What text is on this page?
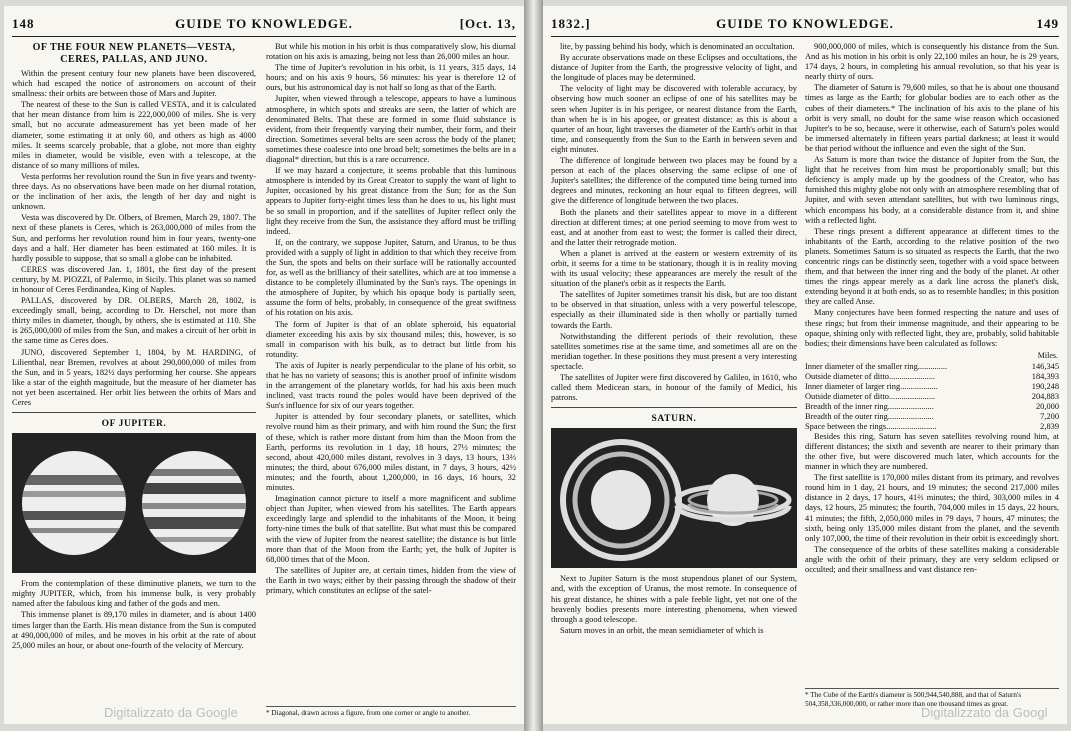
148	GUIDE TO KNOWLEDGE.	[Oct. 13,
OF THE FOUR NEW PLANETS—VESTA, CERES, PALLAS, AND JUNO.

Within the present century four new planets have been discovered, which had escaped the notice of astronomers on account of their smallness: their orbits are between those of Mars and Jupiter.

The nearest of these to the Sun is called VESTA, and it is calculated that her mean distance from him is 222,000,000 of miles. She is very small, but no accurate admeasurement has yet been made of her diameter, some estimating it at only 60, and others as high as 4000 miles. It seems scarcely probable, that a globe, not more than eighty miles in diameter, would be visible, even with a telescope, at the distance of so many millions of miles.

Vesta performs her revolution round the Sun in five years and twenty-three days. As no observations have been made on her diurnal rotation, or the inclination of her axis, the length of her day and night is unknown.

Vesta was discovered by Dr. Olbers, of Bremen, March 29, 1807. The next of these planets is Ceres, which is 263,000,000 of miles from the Sun, and performs her revolution round him in four years, twenty-one days and a half. Her diameter has been estimated at 160 miles. It is hardly possible to suppose, that so small a globe can be inhabited.

CERES was discovered Jan. 1, 1801, the first day of the present century, by M. PIOZZI, of Palermo, in Sicily. This planet was so named in honour of Ceres Ferdinandea, King of Naples.

PALLAS, discovered by DR. OLBERS, March 28, 1802, is exceedingly small, being, according to Dr. Herschel, not more than thirty miles in diameter, though, by others, she is estimated at 110. She is 265,000,000 of miles from the Sun, and makes a circuit of her orbit in the same time as Ceres does.

JUNO, discovered September 1, 1804, by M. HARDING, of Lilienthal, near Bremen, revolves at about 290,000,000 of miles from the Sun, and in 5 years, 182½ days performing her course. She appears like a star of the eighth magnitude, but the measure of her diameter has not yet been ascertained. Her orbit lies between the orbits of Mars and Ceres

OF JUPITER.

From the contemplation of these diminutive planets, we turn to the mighty JUPITER, which, from his immense bulk, is very probably named after the fabulous king and father of the gods and men.

This immense planet is 89,170 miles in diameter, and is about 1400 times larger than the Earth. His mean distance from the Sun is computed at 490,000,000 of miles, and he moves in his orbit at the rate of about 25,000 miles an hour, or about one-fourth of the velocity of Mercury.

But while his motion in his orbit is thus comparatively slow, his diurnal rotation on his axis is amazing, being not less than 26,000 miles an hour.

The time of Jupiter's revolution in his orbit, is 11 years, 315 days, 14 hours; and on his axis 9 hours, 56 minutes: his year is therefore 12 of ours, but his astronomical day is not half so long as that of the Earth.

Jupiter, when viewed through a telescope, appears to have a luminous atmosphere, in which spots and streaks are seen, the latter of which are denominated Belts. That these are formed in some fluid substance is evident, from their frequently varying their number, their form, and their direction. Sometimes several belts are seen across the body of the planet; sometimes these coalesce into one broad belt; sometimes the belts are in a diagonal* direction, but this is a rare occurrence.

If we may hazard a conjecture, it seems probable that this luminous atmosphere is intended by its Great Creator to supply the want of light to Jupiter, occasioned by his great distance from the Sun; for as the Sun appears to Jupiter forty-eight times less than he does to us, his light must be so small in proportion, and if the satellites of Jupiter reflect only the light they receive from the Sun, the assistance they afford must be trifling indeed.

If, on the contrary, we suppose Jupiter, Saturn, and Uranus, to be thus provided with a supply of light in addition to that which they receive from the Sun, the spots and belts on their surface will be rationally accounted for, as well as the brilliancy of their satellites, which are at too immense a distance to be completely illuminated by the Sun's rays. The openings in the atmosphere of Jupiter, by which his opaque body is partially seen, assume the form of belts, probably, in consequence of the great swiftness of his rotation on his axis.

The form of Jupiter is that of an oblate spheroid, his equatorial diameter exceeding his axis by six thousand miles; this, however, is so small in comparison with his bulk, as to detract but little from his rotundity.

The axis of Jupiter is nearly perpendicular to the plane of his orbit, so that he has no variety of seasons; this is another proof of infinite wisdom in the arrangement of the planetary worlds, for had his axis been much inclined, vast tracts round the poles would have been deprived of the Sun's influence for six of our years together.

Jupiter is attended by four secondary planets, or satellites, which revolve round him as their primary, and with him round the Sun; the first of these, which is rather more distant from him than the Moon from the Earth, performs its revolution in 1 day, 18 hours, 27½ minutes; the second, about 420,000 miles distant, revolves in 3 days, 13 hours, 13⅔ minutes; the third, about 676,000 miles distant, in 7 days, 3 hours, 42½ minutes; and the fourth, about 1,200,000, in 16 days, 16 hours, 32 minutes.

Imagination cannot picture to itself a more magnificent and sublime object than Jupiter, when viewed from his satellites. The Earth appears exceedingly large and splendid to the inhabitants of the Moon, it being forty-nine times the bulk of that satellite. But what must this be compared with the view of Jupiter from the nearest satellite; the distance is but little more than that of the Moon from the Earth; yet, the bulk of Jupiter is 68,000 times that of the Moon.

The satellites of Jupiter are, at certain times, hidden from the view of the Earth in two ways; either by their passing through the shadow of their primary, which constitutes an eclipse of the satel-

* Diagonal, drawn across a figure, from one corner or angle to another.
Digitalizzato da Google
1832.]	GUIDE TO KNOWLEDGE.	149

lite, by passing behind his body, which is denominated an occultation.

By accurate observations made on these Eclipses and occultations, the distance of Jupiter from the Earth, the progressive velocity of light, and the longitude of places may be determined.

The velocity of light may be discovered with tolerable accuracy, by observing how much sooner an eclipse of one of his satellites may be seen when Jupiter is in his perigee, or nearest distance from the Earth, than when he is in his apogee, or greatest distance: as this is about a quarter of an hour, light traverses the diameter of the Earth's orbit in that time, and consequently from the Sun to the Earth in between seven and eight minutes.

The difference of longitude between two places may be found by a person at each of the places observing the same eclipse of one of Jupiter's satellites; the difference of the computed time being turned into degrees and minutes, reckoning an hour equal to fifteen degrees, will give the difference of longitude between the two places.

Both the planets and their satellites appear to move in a different direction at different times; at one period seeming to move from west to east, and at another from east to west; the former is called their direct, and the latter their retrograde motion.

When a planet is arrived at the eastern or western extremity of its orbit, it seems for a time to be stationary, though it is in reality moving with its usual velocity; these appearances are merely the result of the situation of the planet's orbit as it respects the Earth.

The satellites of Jupiter sometimes transit his disk, but are too distant to be observed in that situation, unless with a very powerful telescope, especially as their illuminated side is then wholly or partially turned towards the Earth.

Notwithstanding the different periods of their revolution, these satellites sometimes rise at the same time, and sometimes all are on the meridian together. In these positions they must present a very interesting spectacle.

The satellites of Jupiter were first discovered by Galileo, in 1610, who called them Medicean stars, in honour of the family of Medici, his patrons.

SATURN.

Next to Jupiter Saturn is the most stupendous planet of our System, and, with the exception of Uranus, the most remote. In consequence of his great distance, he shines with a pale feeble light, yet not one of the heavenly bodies presents more interesting phenomena, when viewed through a good telescope.

Saturn moves in an orbit, the mean semidiameter of which is

900,000,000 of miles, which is consequently his distance from the Sun. And as his motion in his orbit is only 22,100 miles an hour, he is 29 years, 174 days, 2 hours, in completing his annual revolution, so that his year is nearly thirty of ours.

The diameter of Saturn is 79,600 miles, so that he is about one thousand times as large as the Earth; for globular bodies are to each other as the cubes of their diameters.* The inclination of his axis to the plane of his orbit is very small, no doubt for the same wise reason which occasioned Jupiter's to be so, because, were it otherwise, each of Saturn's poles would be immersed alternately in fifteen years partial darkness; at least it would be that period without the influence and even the sight of the Sun.

As Saturn is more than twice the distance of Jupiter from the Sun, the light that he receives from him must be proportionably small; but this deficiency is amply made up by the goodness of the Creator, who has furnished this mighty globe not only with an atmosphere resembling that of Jupiter, and with seven attendant satellites, but with two luminous rings, which encompass his body, at a considerable distance from it, and shine with a reflected light.

These rings present a different appearance at different times to the inhabitants of the Earth, according to the relative position of the two planets. Sometimes Saturn is so situated as respects the Earth, that the two concentric rings can be distinctly seen, together with a void space between them, and that between the inner ring and the body of the planet. At other times the rings appear merely as a dark line across the planet's disk, extending beyond it at both ends, so as to resemble handles; in this position they are called Anse.

Many conjectures have been formed respecting the nature and uses of these rings; but from their immense magnitude, and their appearing to be opaque, shining only with reflected light, they are, probably, solid habitable bodies; their dimensions have been calculated as follows:

	Miles.
Inner diameter of the smaller ring..............	146,345
Outside diameter of ditto......................	184,393
Inner diameter of larger ring..................	190,248
Outside diameter of ditto......................	204,883
Breadth of the inner ring......................	20,000
Breadth of the outer ring......................	7,200
Space between the rings........................	2,839

Besides this ring, Saturn has seven satellites revolving round him, at different distances; the sixth and seventh are nearer to their primary than the other five, but were discovered much later, which accounts for the manner in which they are numbered.

The first satellite is 170,000 miles distant from its primary, and revolves round him in 1 day, 21 hours, and 19 minutes; the second 217,000 miles distance in 2 days, 17 hours, 41⅔ minutes; the third, 303,000 miles in 4 days, 12 hours, 25 minutes; the fourth, 704,000 miles in 15 days, 22 hours, 41 minutes; the fifth, 2,050,000 miles in 79 days, 7 hours, 47 minutes; the sixth, being only 135,000 miles distant from the planet, and the seventh only 107,000, the time of their revolution in their orbit is exceedingly short.

The consequence of the orbits of these satellites making a considerable angle with the orbit of their primary, they are very seldom eclipsed or occulted; and their smallness and vast distance ren-

* The Cube of the Earth's diameter is 500,944,540,888, and that of Saturn's 504,358,336,000,000, or rather more than one thousand times as great.
Digitalizzato da Googl
